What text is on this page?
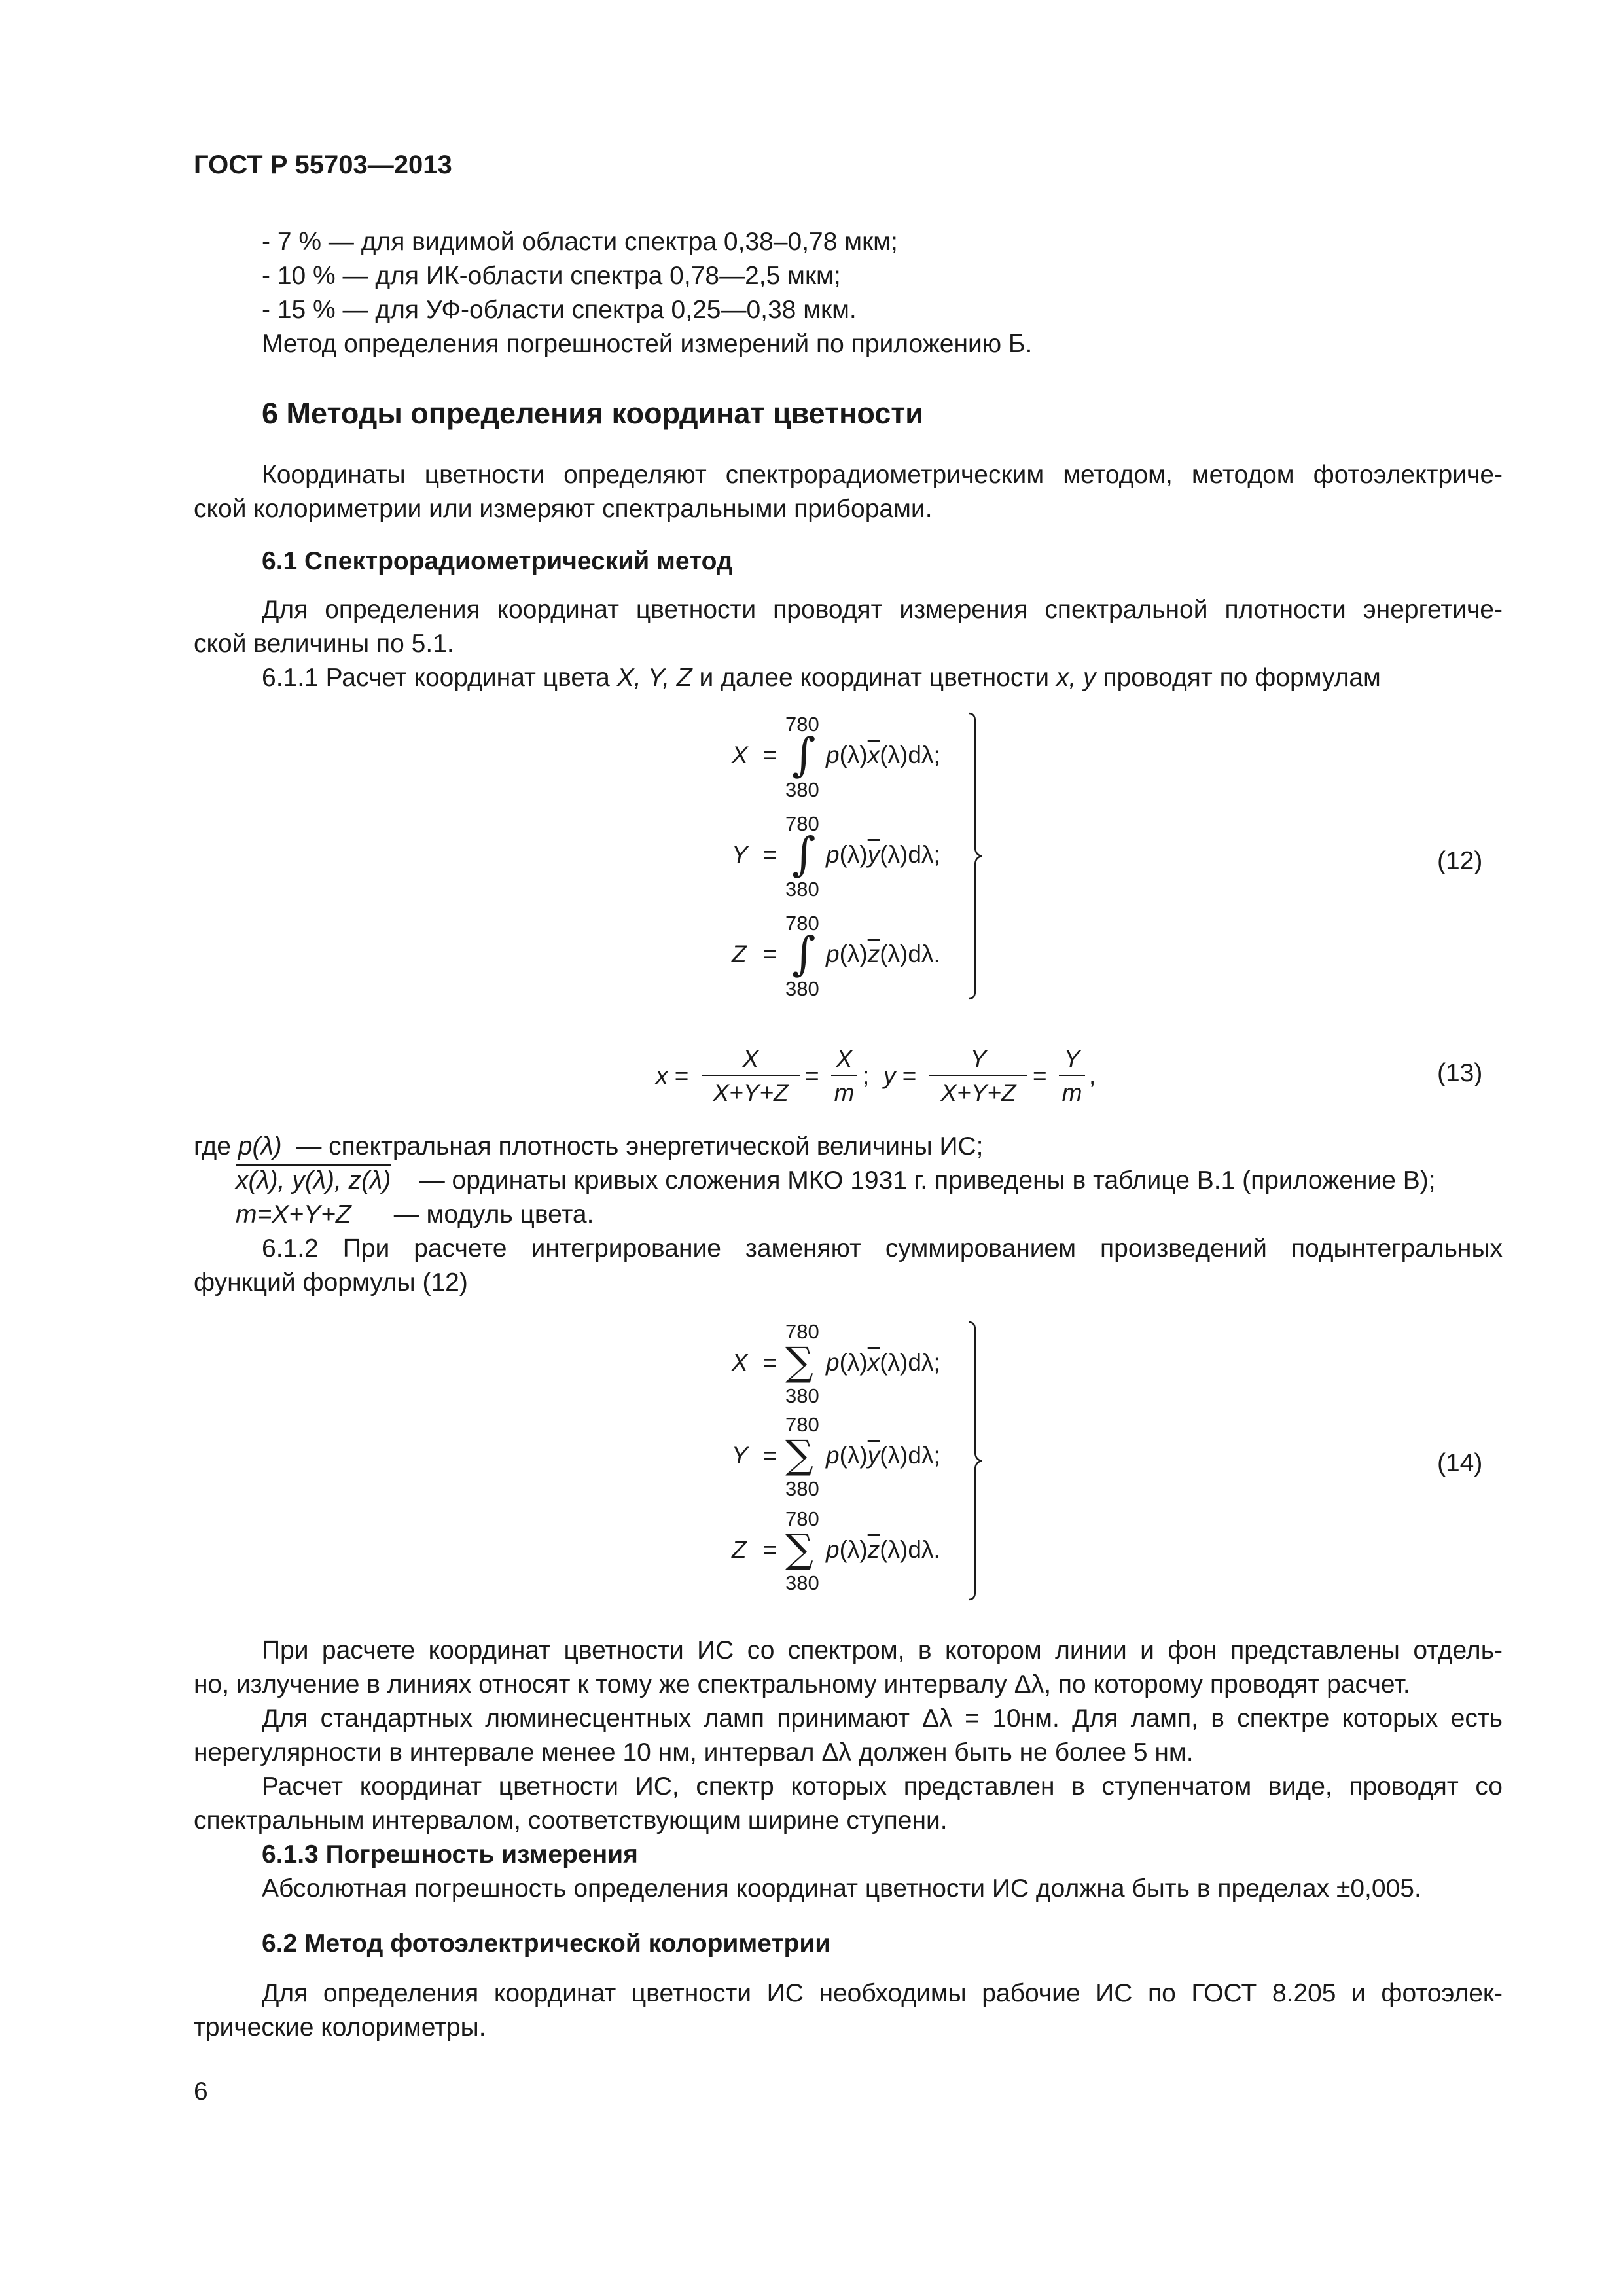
ГОСТ Р 55703—2013
- 7 % — для видимой области спектра 0,38–0,78 мкм;
- 10 % — для ИК-области спектра 0,78—2,5 мкм;
- 15 % — для УФ-области спектра 0,25—0,38 мкм.
Метод определения погрешностей измерений по приложению Б.
6 Методы определения координат цветности
Координаты цветности определяют спектрорадиометрическим методом, методом фотоэлектриче-
ской колориметрии или измеряют спектральными приборами.
6.1 Спектрорадиометрический метод
Для определения координат цветности проводят измерения спектральной плотности энергетиче-
ской величины по 5.1.
6.1.1 Расчет координат цвета X, Y, Z и далее координат цветности x, y проводят по формулам
780
X = ∫ $p(\lambda)\overline{x}(\lambda)d\lambda$;
380
780
Y = ∫ $p(\lambda)\overline{y}(\lambda)d\lambda$;
380
780
Z = ∫ $p(\lambda)\overline{z}(\lambda)d\lambda$.
380
(12)
x =
X
X+Y+Z
=
X
m
; y =
Y
X+Y+Z
=
Y
m
,	(13)
где p(λ) — спектральная плотность энергетической величины ИС;
x(λ), y(λ), z(λ) — ординаты кривых сложения МКО 1931 г. приведены в таблице В.1 (приложение В);
m=X+Y+Z — модуль цвета.
6.1.2 При расчете интегрирование заменяют суммированием произведений подынтегральных
функций формулы (12)
780
X = ∑ $p(\lambda)\overline{x}(\lambda)d\lambda$;
380
780
Y = ∑ $p(\lambda)\overline{y}(\lambda)d\lambda$;
380
780
Z = ∑ $p(\lambda)\overline{z}(\lambda)d\lambda$.
380
(14)
При расчете координат цветности ИС со спектром, в котором линии и фон представлены отдель-
но, излучение в линиях относят к тому же спектральному интервалу Δλ, по которому проводят расчет.
Для стандартных люминесцентных ламп принимают Δλ = 10нм. Для ламп, в спектре которых есть
нерегулярности в интервале менее 10 нм, интервал Δλ должен быть не более 5 нм.
Расчет координат цветности ИС, спектр которых представлен в ступенчатом виде, проводят со
спектральным интервалом, соответствующим ширине ступени.
6.1.3 Погрешность измерения
Абсолютная погрешность определения координат цветности ИС должна быть в пределах ±0,005.
6.2 Метод фотоэлектрической колориметрии
Для определения координат цветности ИС необходимы рабочие ИС по ГОСТ 8.205 и фотоэлек-
трические колориметры.
6
